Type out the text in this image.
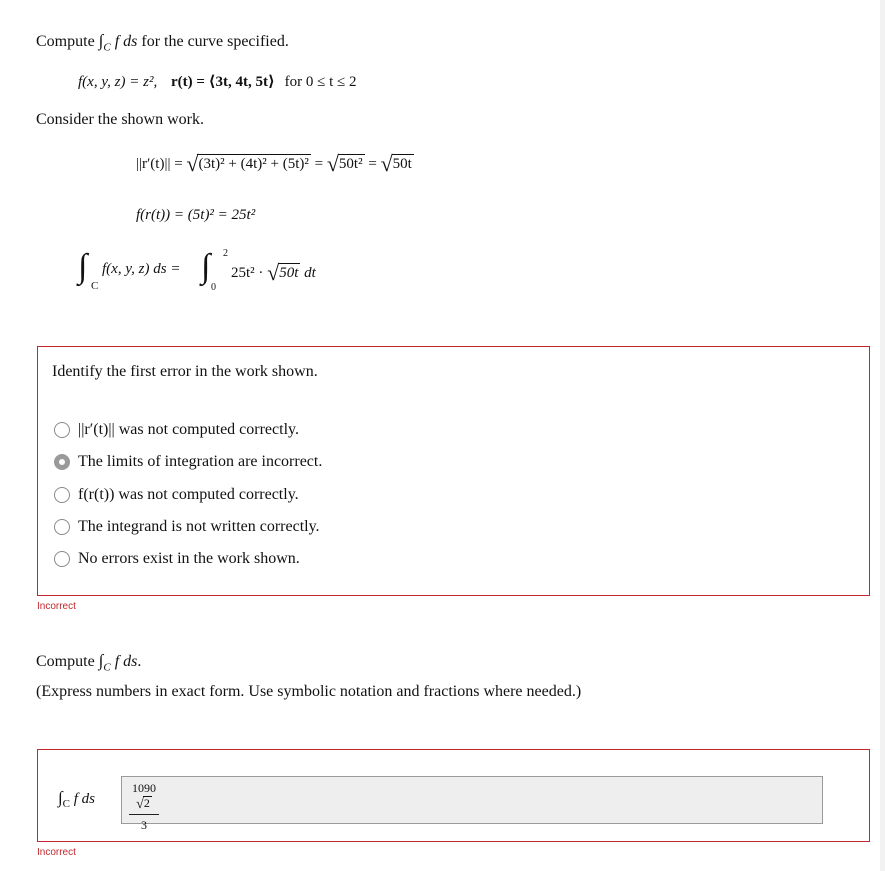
Compute $\int_C$ f ds for the curve specified.
f(x, y, z) = z², r(t) = ⟨3t, 4t, 5t⟩ for 0 ≤ t ≤ 2
Consider the shown work.
||r′(t)|| = √(3t)² + (4t)² + (5t)² = √50t² = √50t
f(r(t)) = (5t)² = 25t²
∫
C
f(x, y, z) ds = ∫ 2
0
25t² · √50t dt
Identify the first error in the work shown.
||r′(t)|| was not computed correctly.
The limits of integration are incorrect.
f(r(t)) was not computed correctly.
The integrand is not written correctly.
No errors exist in the work shown.
Incorrect
Compute $\int_C$ f ds.
(Express numbers in exact form. Use symbolic notation and fractions where needed.)
$\int_C$ f ds	$\frac{1090√2}{3}$
Incorrect
